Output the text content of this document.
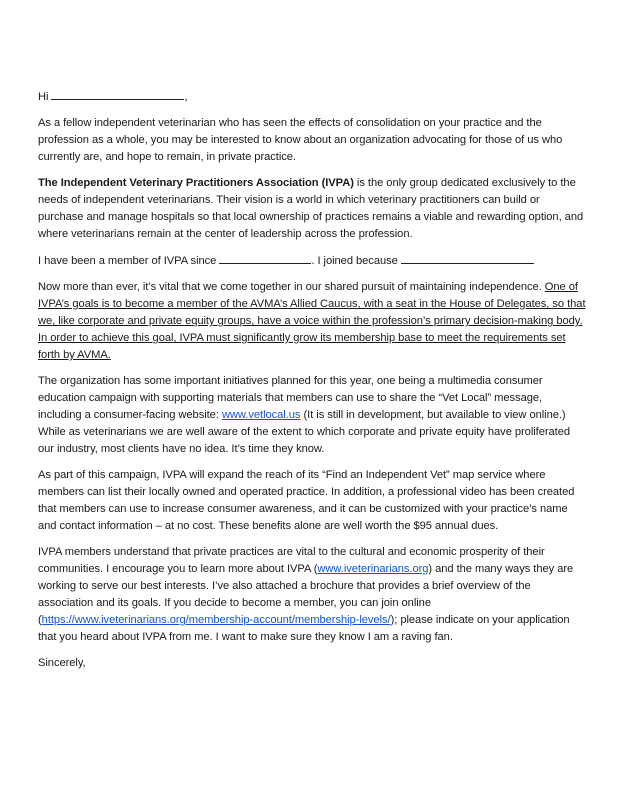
Hi	,

As a fellow independent veterinarian who has seen the effects of consolidation on your practice and the profession as a whole, you may be interested to know about an organization advocating for those of us who currently are, and hope to remain, in private practice.

The Independent Veterinary Practitioners Association (IVPA) is the only group dedicated exclusively to the needs of independent veterinarians. Their vision is a world in which veterinary practitioners can build or purchase and manage hospitals so that local ownership of practices remains a viable and rewarding option, and where veterinarians remain at the center of leadership across the profession.

I have been a member of IVPA since	. I joined because

Now more than ever, it’s vital that we come together in our shared pursuit of maintaining independence. One of IVPA’s goals is to become a member of the AVMA’s Allied Caucus, with a seat in the House of Delegates, so that we, like corporate and private equity groups, have a voice within the profession’s primary decision-making body. In order to achieve this goal, IVPA must significantly grow its membership base to meet the requirements set forth by AVMA.

The organization has some important initiatives planned for this year, one being a multimedia consumer education campaign with supporting materials that members can use to share the “Vet Local” message, including a consumer-facing website: www.vetlocal.us (It is still in development, but available to view online.) While as veterinarians we are well aware of the extent to which corporate and private equity have proliferated our industry, most clients have no idea. It’s time they know.

As part of this campaign, IVPA will expand the reach of its “Find an Independent Vet” map service where members can list their locally owned and operated practice. In addition, a professional video has been created that members can use to increase consumer awareness, and it can be customized with your practice’s name and contact information – at no cost. These benefits alone are well worth the $95 annual dues.

IVPA members understand that private practices are vital to the cultural and economic prosperity of their communities. I encourage you to learn more about IVPA (www.iveterinarians.org) and the many ways they are working to serve our best interests. I’ve also attached a brochure that provides a brief overview of the association and its goals. If you decide to become a member, you can join online (https://www.iveterinarians.org/membership-account/membership-levels/); please indicate on your application that you heard about IVPA from me. I want to make sure they know I am a raving fan.

Sincerely,
